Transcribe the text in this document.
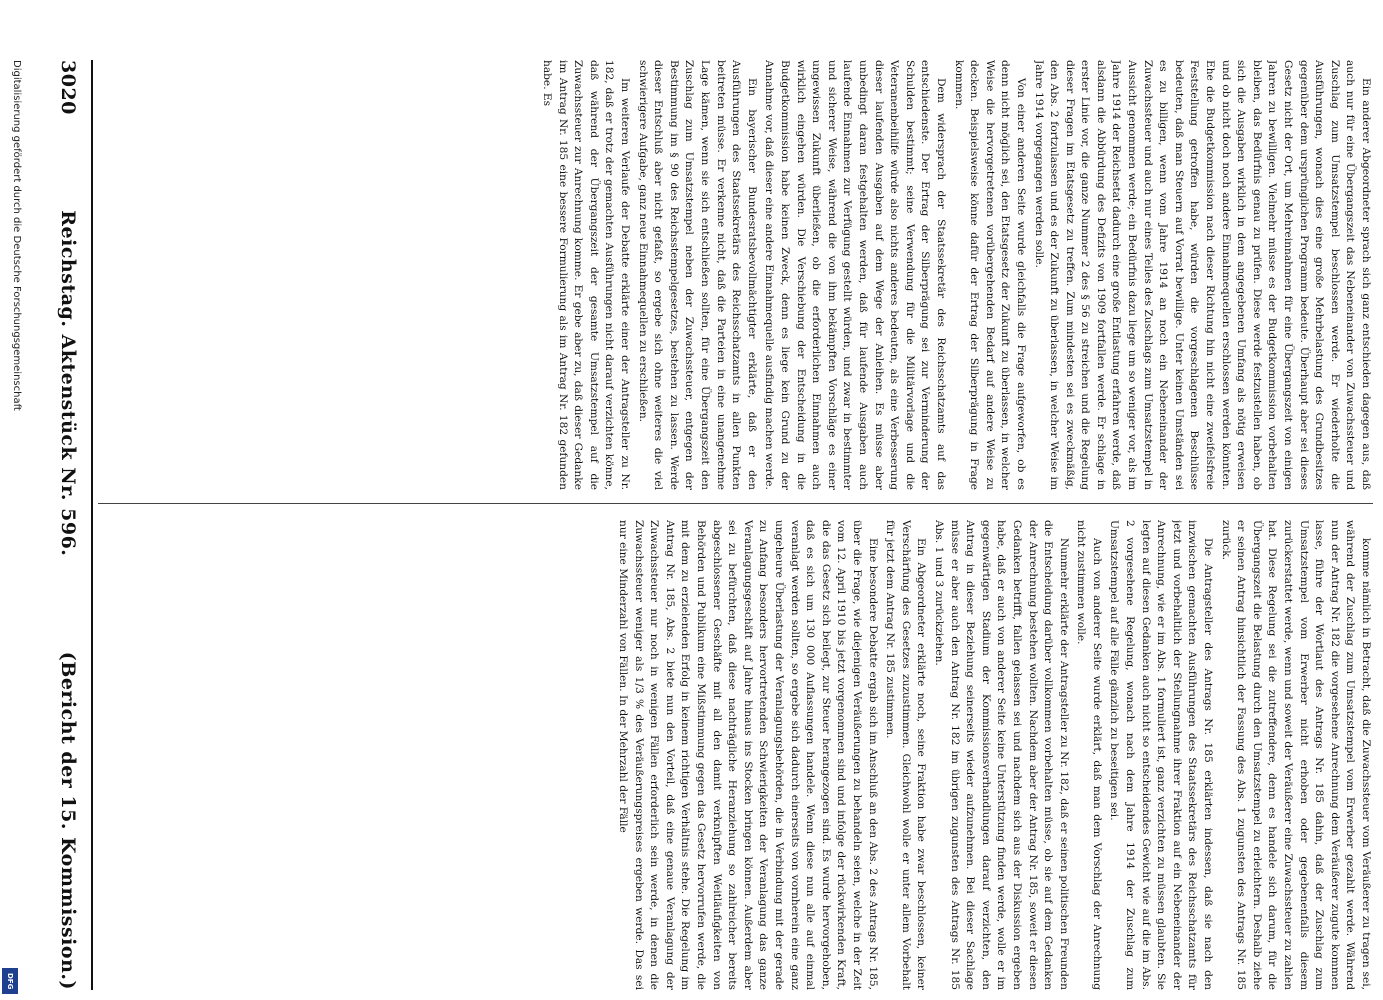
3020
Reichstag. Aktenstück Nr. 596.
(Bericht der 15. Kommission.)

Ein anderer Abgeordneter sprach sich ganz entschieden dagegen aus, daß auch nur für eine Übergangszeit das Nebeneinander von Zuwachssteuer und Zuschlag zum Umsatzstempel beschlossen werde. Er wiederholte die Ausführungen, wonach dies eine große Mehrbelastung des Grundbesitzes gegenüber dem ursprünglichen Programm bedeute. Überhaupt aber sei dieses Gesetz nicht der Ort, um Mehreinnahmen für eine Übergangszeit von einigen Jahren zu bewilligen. Vielmehr müsse es der Budgetkommission vorbehalten bleiben, das Bedürfnis genau zu prüfen. Diese werde festzustellen haben, ob sich die Ausgaben wirklich in dem angegebenen Umfang als nötig erweisen und ob nicht doch noch andere Einnahmequellen erschlossen werden könnten. Ehe die Budgetkommission nach dieser Richtung hin nicht eine zweifelsfreie Feststellung getroffen habe, würden die vorgeschlagenen Beschlüsse bedeuten, daß man Steuern auf Vorrat bewillige. Unter keinen Umständen sei es zu billigen, wenn vom Jahre 1914 an noch ein Nebeneinander der Zuwachssteuer und auch nur eines Teiles des Zuschlags zum Umsatzstempel in Aussicht genommen werde; ein Bedürfnis dazu liege um so weniger vor, als im Jahre 1914 der Reichsetat dadurch eine große Entlastung erfahren werde, daß alsdann die Abbürdung des Defizits von 1909 fortfallen werde. Er schlage in erster Linie vor, die ganze Nummer 2 des § 56 zu streichen und die Regelung dieser Fragen im Etatsgesetz zu treffen. Zum mindesten sei es zweckmäßig, den Abs. 2 fortzulassen und es der Zukunft zu überlassen, in welcher Weise im Jahre 1914 vorgegangen werden solle.

Von einer anderen Seite wurde gleichfalls die Frage aufgeworfen, ob es denn nicht möglich sei, den Etatsgesetz der Zukunft zu überlassen, in welcher Weise die hervorgetretenen vorübergehenden Bedarf auf andere Weise zu decken. Beispielsweise könne dafür der Ertrag der Silberprägung in Frage kommen.

Dem widersprach der Staatssekretär des Reichsschatzamts auf das entschiedenste. Der Ertrag der Silberprägung sei zur Verminderung der Schulden bestimmt; seine Verwendung für die Militärvorlage und die Veteranenbeihilfe würde also nichts anderes bedeuten, als eine Verbesserung dieser laufenden Ausgaben auf dem Wege der Anleihen. Es müsse aber unbedingt daran festgehalten werden, daß für laufende Ausgaben auch laufende Einnahmen zur Verfügung gestellt würden, und zwar in bestimmter und sicherer Weise, während die von ihm bekämpften Vorschläge es einer ungewissen Zukunft überließen, ob die erforderlichen Einnahmen auch wirklich eingehen würden. Die Verschiebung der Entscheidung in die Budgetkommission habe keinen Zweck, denn es liege kein Grund zu der Annahme vor, daß dieser eine andere Einnahmequelle ausfindig machen werde.

Ein bayerischer Bundesratsbevollmächtigter erklärte, daß er den Ausführungen des Staatssekretärs des Reichsschatzamts in allen Punkten beitreten müsse. Er verkenne nicht, daß die Parteien in eine unangenehme Lage kämen, wenn sie sich entschließen sollten, für eine Übergangszeit den Zuschlag zum Umsatzstempel neben der Zuwachssteuer, entgegen der Bestimmung im § 90 des Reichsstempelgesetzes, bestehen zu lassen. Werde dieser Entschluß aber nicht gefaßt, so ergebe sich ohne weiteres die viel schwierigere Aufgabe, ganz neue Einnahmequellen zu erschließen.

Im weiteren Verlaufe der Debatte erklärte einer der Antragsteller zu Nr. 182, daß er trotz der gemachten Ausführungen nicht darauf verzichten könne, daß während der Übergangszeit der gesamte Umsatzstempel auf die Zuwachssteuer zur Anrechnung komme. Er gebe aber zu, daß dieser Gedanke im Antrag Nr. 185 eine bessere Formulierung als im Antrag Nr. 182 gefunden habe. Es

komme nämlich in Betracht, daß die Zuwachssteuer vom Veräußerer zu tragen sei, während der Zuschlag zum Umsatzstempel vom Erwerber gezahlt werde. Während nun der Antrag Nr. 182 die vorgesehene Anrechnung dem Veräußerer zugute kommen lasse, führe der Wortlaut des Antrags Nr. 185 dahin, daß der Zuschlag zum Umsatzstempel vom Erwerber nicht erhoben oder gegebenenfalls diesem zurückerstattet werde, wenn und soweit der Veräußerer eine Zuwachssteuer zu zahlen hat. Diese Regelung sei die zutreffendere, denn es handele sich darum, für die Übergangszeit die Belastung durch den Umsatzstempel zu erleichtern. Deshalb ziehe er seinen Antrag hinsichtlich der Fassung des Abs. 1 zugunsten des Antrags Nr. 185 zurück.

Die Antragsteller des Antrags Nr. 185 erklärten indessen, daß sie nach den inzwischen gemachten Ausführungen des Staatssekretärs des Reichsschatzamts für jetzt und vorbehaltlich der Stellungnahme ihrer Fraktion auf ein Nebeneinander der Anrechnung, wie er im Abs. 1 formuliert ist, ganz verzichten zu müssen glaubten. Sie legten auf diesen Gedanken auch nicht so entscheidendes Gewicht wie auf die im Abs. 2 vorgesehene Regelung, wonach nach dem Jahre 1914 der Zuschlag zum Umsatzstempel auf alle Fälle gänzlich zu beseitigen sei.

Auch von anderer Seite wurde erklärt, daß man dem Vorschlag der Anrechnung nicht zustimmen wolle.

Nunmehr erklärte der Antragsteller zu Nr. 182, daß er seinen politischen Freunden die Entscheidung darüber vollkommen vorbehalten müsse, ob sie auf dem Gedanken der Anrechnung bestehen wollten. Nachdem aber der Antrag Nr. 185, soweit er diesen Gedanken betrifft, fallen gelassen sei und nachdem sich aus der Diskussion ergeben habe, daß er auch von anderer Seite keine Unterstützung finden werde, wolle er im gegenwärtigen Stadium der Kommissionsverhandlungen darauf verzichten, den Antrag in dieser Beziehung seinerseits wieder aufzunehmen. Bei dieser Sachlage müsse er aber auch den Antrag Nr. 182 im übrigen zugunsten des Antrags Nr. 185 Abs. 1 und 3 zurückziehen.

Ein Abgeordneter erklärte noch, seine Fraktion habe zwar beschlossen, keiner Verschärfung des Gesetzes zuzustimmen. Gleichwohl wolle er unter allem Vorbehalt für jetzt dem Antrag Nr. 185 zustimmen.

Eine besondere Debatte ergab sich im Anschluß an den Abs. 2 des Antrags Nr. 185, über die Frage, wie diejenigen Veräußerungen zu behandeln seien, welche in der Zeit vom 12. April 1910 bis jetzt vorgenommen sind und infolge der rückwirkenden Kraft, die das Gesetz sich beilegt, zur Steuer herangezogen sind. Es wurde hervorgehoben, daß es sich um 130 000 Auflassungen handele. Wenn diese nun alle auf einmal veranlagt werden sollten, so ergebe sich dadurch einerseits von vornherein eine ganz ungeheure Überlastung der Veranlagungsbehörden, die in Verbindung mit der gerade zu Anfang besonders hervortretenden Schwierigkeiten der Veranlagung das ganze Veranlagungsgeschäft auf Jahre hinaus ins Stocken bringen können. Außerdem aber sei zu befürchten, daß diese nachträgliche Heranziehung so zahlreicher bereits abgeschlossener Geschäfte mit all den damit verknüpften Weitläufigkeiten von Behörden und Publikum eine Mißstimmung gegen das Gesetz hervorrufen werde, die mit dem zu erzielenden Erfolg in keinem richtigen Verhältnis stehe. Die Regelung im Antrag Nr. 185, Abs. 2 biete nun den Vorteil, daß eine genaue Veranlagung der Zuwachssteuer nur noch in wenigen Fällen erforderlich sein werde, in denen die Zuwachssteuer weniger als 1/3 % des Veräußerungspreises ergeben werde. Das sei nur eine Minderzahl von Fällen. In der Mehrzahl der Fälle

Digitalisierung gefördert durch die Deutsche Forschungsgemeinschaft
DFG
